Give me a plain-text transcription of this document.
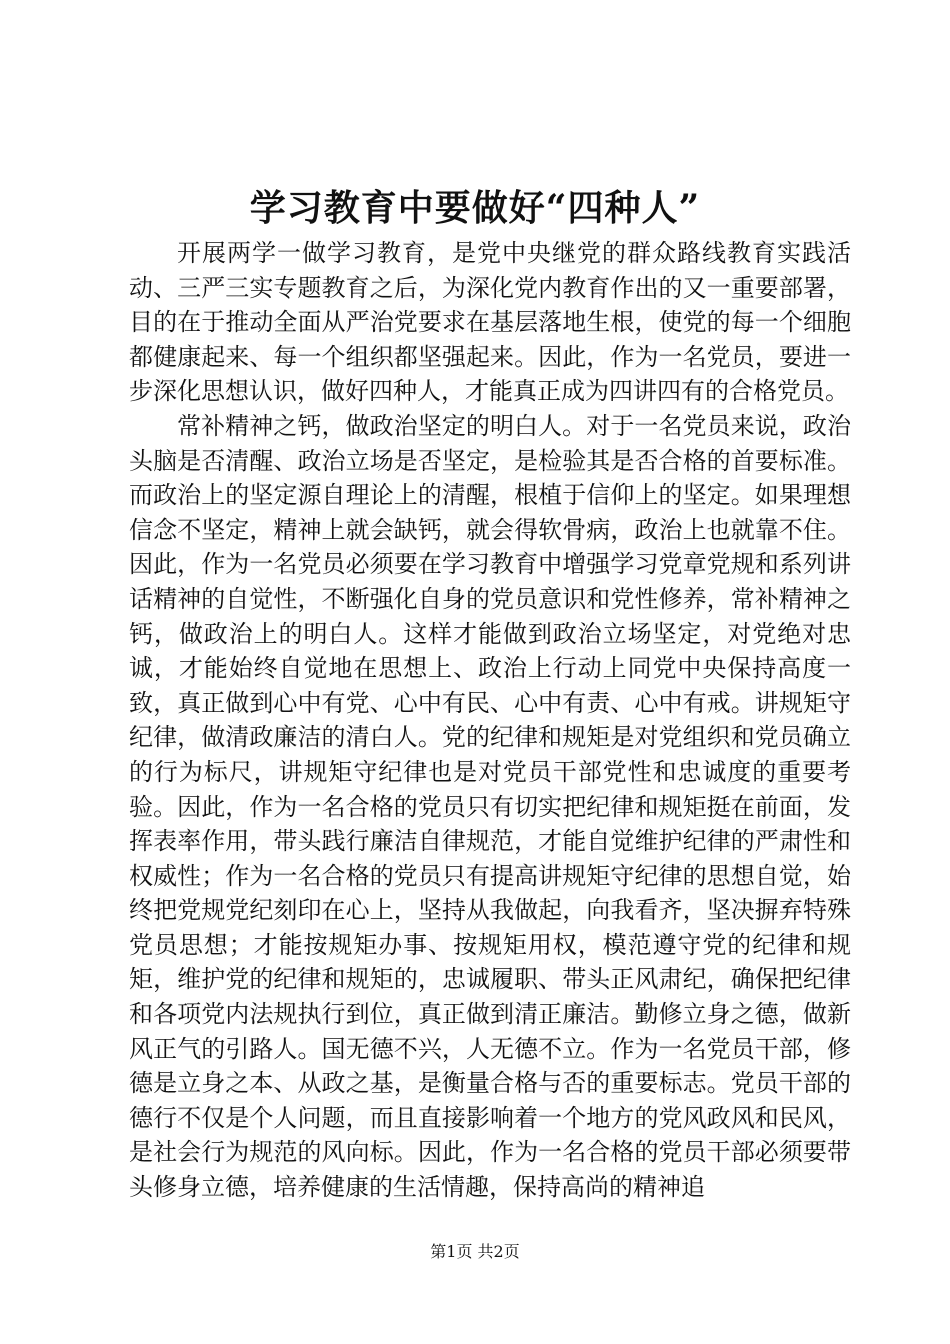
学习教育中要做好“四种人”

开展两学一做学习教育，是党中央继党的群众路线教育实践活动、三严三实专题教育之后，为深化党内教育作出的又一重要部署，目的在于推动全面从严治党要求在基层落地生根，使党的每一个细胞都健康起来、每一个组织都坚强起来。因此，作为一名党员，要进一步深化思想认识，做好四种人，才能真正成为四讲四有的合格党员。

常补精神之钙，做政治坚定的明白人。对于一名党员来说，政治头脑是否清醒、政治立场是否坚定，是检验其是否合格的首要标准。而政治上的坚定源自理论上的清醒，根植于信仰上的坚定。如果理想信念不坚定，精神上就会缺钙，就会得软骨病，政治上也就靠不住。因此，作为一名党员必须要在学习教育中增强学习党章党规和系列讲话精神的自觉性，不断强化自身的党员意识和党性修养，常补精神之钙，做政治上的明白人。这样才能做到政治立场坚定，对党绝对忠诚，才能始终自觉地在思想上、政治上行动上同党中央保持高度一致，真正做到心中有党、心中有民、心中有责、心中有戒。讲规矩守纪律，做清政廉洁的清白人。党的纪律和规矩是对党组织和党员确立的行为标尺，讲规矩守纪律也是对党员干部党性和忠诚度的重要考验。因此，作为一名合格的党员只有切实把纪律和规矩挺在前面，发挥表率作用，带头践行廉洁自律规范，才能自觉维护纪律的严肃性和权威性；作为一名合格的党员只有提高讲规矩守纪律的思想自觉，始终把党规党纪刻印在心上，坚持从我做起，向我看齐，坚决摒弃特殊党员思想；才能按规矩办事、按规矩用权，模范遵守党的纪律和规矩，维护党的纪律和规矩的，忠诚履职、带头正风肃纪，确保把纪律和各项党内法规执行到位，真正做到清正廉洁。勤修立身之德，做新风正气的引路人。国无德不兴，人无德不立。作为一名党员干部，修德是立身之本、从政之基，是衡量合格与否的重要标志。党员干部的德行不仅是个人问题，而且直接影响着一个地方的党风政风和民风，是社会行为规范的风向标。因此，作为一名合格的党员干部必须要带头修身立德，培养健康的生活情趣，保持高尚的精神追

第1页 共2页
